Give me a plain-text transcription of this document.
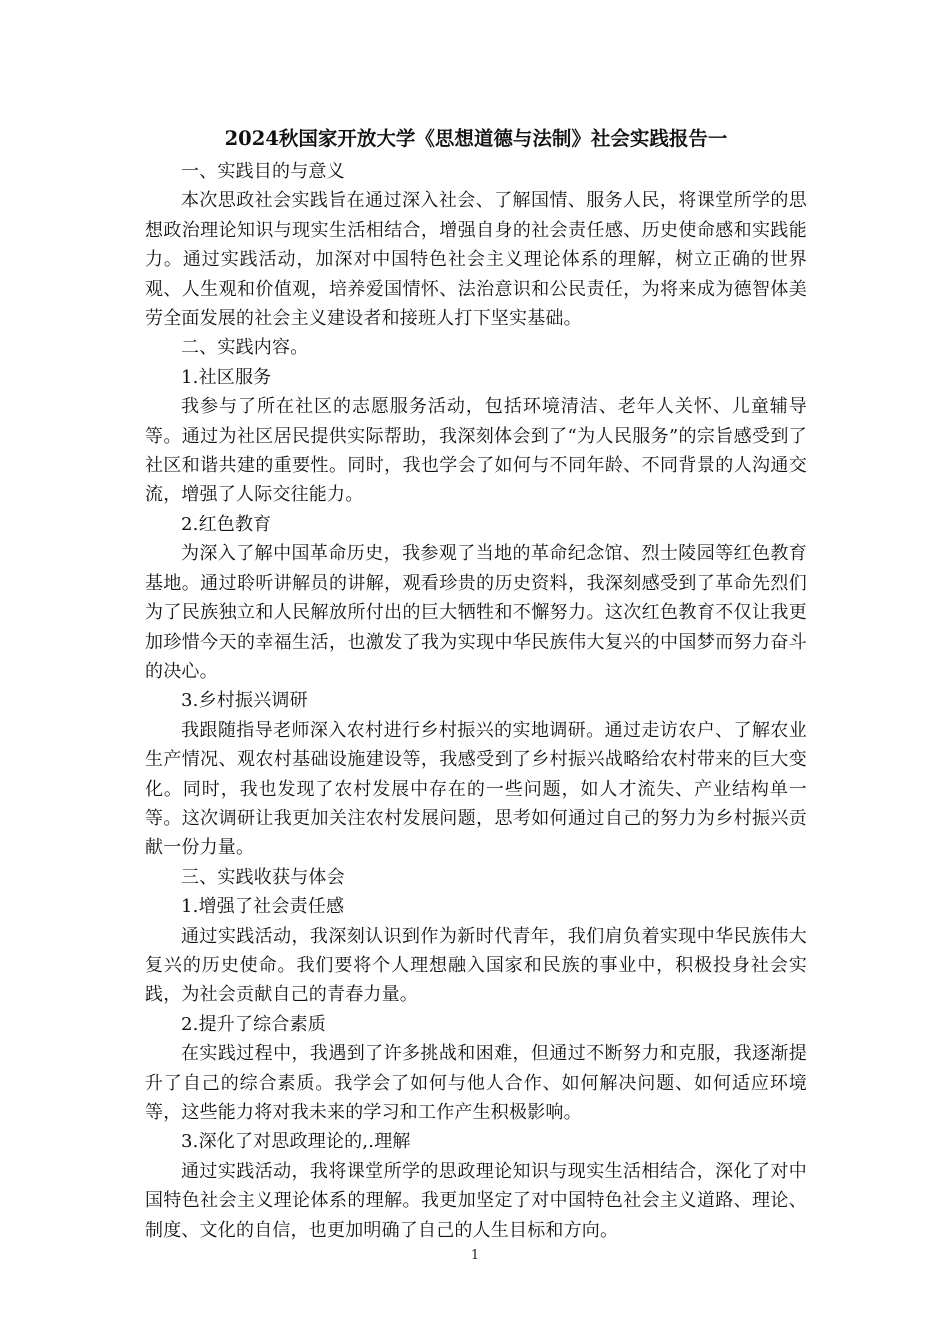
2024秋国家开放大学《思想道德与法制》社会实践报告一

一、实践目的与意义

本次思政社会实践旨在通过深入社会、了解国情、服务人民，将课堂所学的思想政治理论知识与现实生活相结合，增强自身的社会责任感、历史使命感和实践能力。通过实践活动，加深对中国特色社会主义理论体系的理解，树立正确的世界观、人生观和价值观，培养爱国情怀、法治意识和公民责任，为将来成为德智体美劳全面发展的社会主义建设者和接班人打下坚实基础。

二、实践内容。

1.社区服务

我参与了所在社区的志愿服务活动，包括环境清洁、老年人关怀、儿童辅导等。通过为社区居民提供实际帮助，我深刻体会到了“为人民服务”的宗旨感受到了社区和谐共建的重要性。同时，我也学会了如何与不同年龄、不同背景的人沟通交流，增强了人际交往能力。

2.红色教育

为深入了解中国革命历史，我参观了当地的革命纪念馆、烈士陵园等红色教育基地。通过聆听讲解员的讲解，观看珍贵的历史资料，我深刻感受到了革命先烈们为了民族独立和人民解放所付出的巨大牺牲和不懈努力。这次红色教育不仅让我更加珍惜今天的幸福生活，也激发了我为实现中华民族伟大复兴的中国梦而努力奋斗的决心。

3.乡村振兴调研

我跟随指导老师深入农村进行乡村振兴的实地调研。通过走访农户、了解农业生产情况、观农村基础设施建设等，我感受到了乡村振兴战略给农村带来的巨大变化。同时，我也发现了农村发展中存在的一些问题，如人才流失、产业结构单一等。这次调研让我更加关注农村发展问题，思考如何通过自己的努力为乡村振兴贡献一份力量。

三、实践收获与体会

1.增强了社会责任感

通过实践活动，我深刻认识到作为新时代青年，我们肩负着实现中华民族伟大复兴的历史使命。我们要将个人理想融入国家和民族的事业中，积极投身社会实践，为社会贡献自己的青春力量。

2.提升了综合素质

在实践过程中，我遇到了许多挑战和困难，但通过不断努力和克服，我逐渐提升了自己的综合素质。我学会了如何与他人合作、如何解决问题、如何适应环境等，这些能力将对我未来的学习和工作产生积极影响。

3.深化了对思政理论的,.理解

通过实践活动，我将课堂所学的思政理论知识与现实生活相结合，深化了对中国特色社会主义理论体系的理解。我更加坚定了对中国特色社会主义道路、理论、制度、文化的自信，也更加明确了自己的人生目标和方向。

1
